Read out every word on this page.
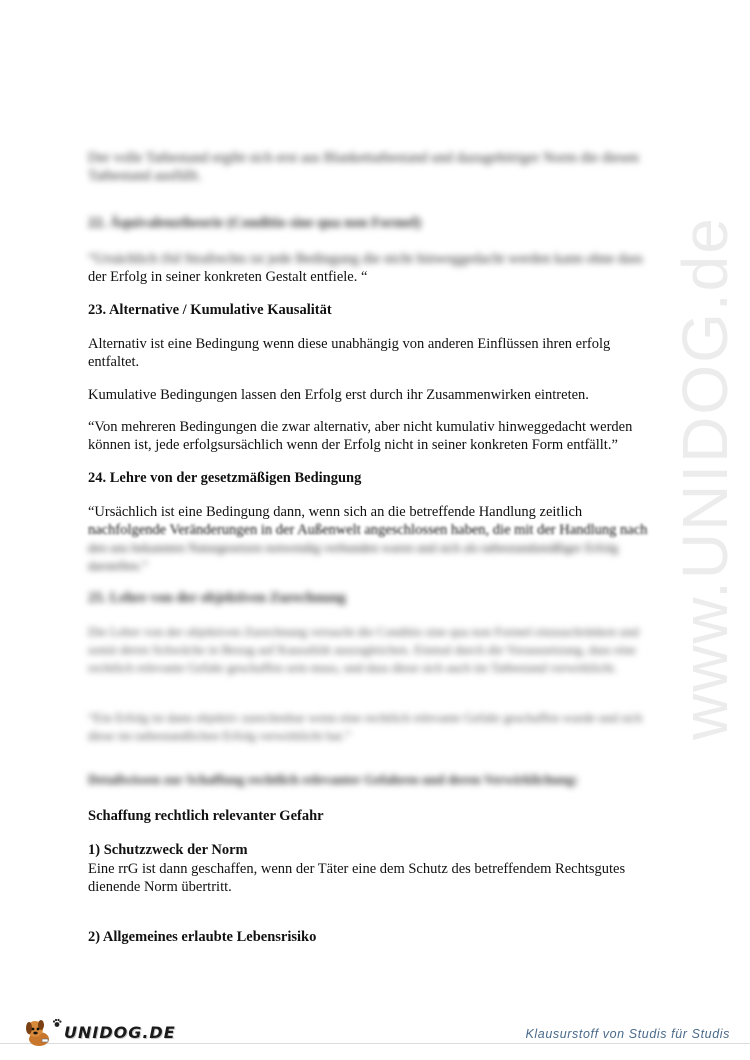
Der volle Tatbestand ergibt sich erst aus Blankettatbestand und dazugehöriger Norm die diesen Tatbestand ausfüllt.

22. Äquivalenztheorie (Conditio sine qua non Formel)

“Ursächlich iSd Strafrechts ist jede Bedingung die nicht hinweggedacht werden kann ohne dass

der Erfolg in seiner konkreten Gestalt entfiele. “

23. Alternative / Kumulative Kausalität

Alternativ ist eine Bedingung wenn diese unabhängig von anderen Einflüssen ihren erfolg entfaltet.

Kumulative Bedingungen lassen den Erfolg erst durch ihr Zusammenwirken eintreten.

“Von mehreren Bedingungen die zwar alternativ, aber nicht kumulativ hinweggedacht werden können ist, jede erfolgsursächlich wenn der Erfolg nicht in seiner konkreten Form entfällt.”

24. Lehre von der gesetzmäßigen Bedingung

“Ursächlich ist eine Bedingung dann, wenn sich an die betreffende Handlung zeitlich

nachfolgende Veränderungen in der Außenwelt angeschlossen haben, die mit der Handlung nach

den uns bekannten Naturgesetzen notwendig verbunden waren und sich als tatbestandsmäßiger Erfolg darstellen.”

25. Lehre von der objektiven Zurechnung

Die Lehre von der objektiven Zurechnung versucht die Conditio sine qua non Formel einzuschränken und somit deren Schwäche in Bezug auf Kausalität auszugleichen. Einmal durch die Voraussetzung, dass eine rechtlich relevante Gefahr geschaffen sein muss, und dass diese sich auch im Tatbestand verwirklicht.

“Ein Erfolg ist dann objektiv zurechenbar wenn eine rechtlich relevante Gefahr geschaffen wurde und sich diese im tatbestandlichen Erfolg verwirklicht hat.”

Detailwissen zur Schaffung rechtlich relevanter Gefahren und deren Verwirklichung:

Schaffung rechtlich relevanter Gefahr

1) Schutzzweck der Norm

Eine rrG ist dann geschaffen, wenn der Täter eine dem Schutz des betreffendem Rechtsgutes dienende Norm übertritt.

2) Allgemeines erlaubte Lebensrisiko

www.UNIDOG.de
UNIDOG.DE	Klausurstoff von Studis für Studis
